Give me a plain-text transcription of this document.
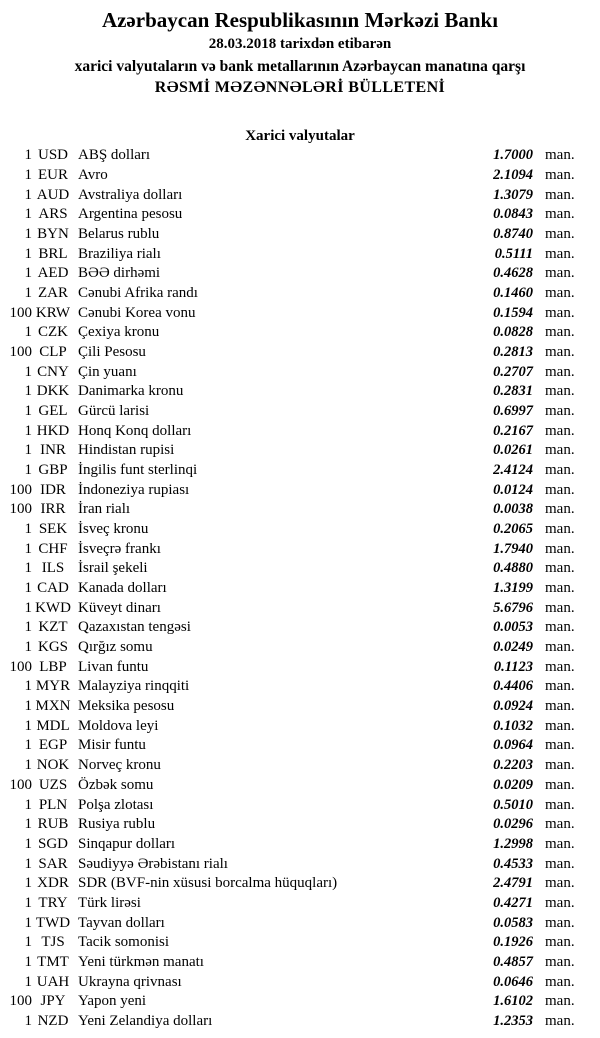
Azərbaycan Respublikasının Mərkəzi Bankı
28.03.2018 tarixdən etibarən
xarici valyutaların və bank metallarının Azərbaycan manatına qarşı
RƏSMİ MƏZƏNNƏLƏRİ BÜLLETENİ
Xarici valyutalar
1 USD ABŞ dolları	1.7000 man.
1 EUR Avro	2.1094 man.
1 AUD Avstraliya dolları	1.3079 man.
1 ARS Argentina pesosu	0.0843 man.
1 BYN Belarus rublu	0.8740 man.
1 BRL Braziliya rialı	0.5111 man.
1 AED BƏƏ dirhəmi	0.4628 man.
1 ZAR Cənubi Afrika randı	0.1460 man.
100 KRW Cənubi Korea vonu	0.1594 man.
1 CZK Çexiya kronu	0.0828 man.
100 CLP Çili Pesosu	0.2813 man.
1 CNY Çin yuanı	0.2707 man.
1 DKK Danimarka kronu	0.2831 man.
1 GEL Gürcü larisi	0.6997 man.
1 HKD Honq Konq dolları	0.2167 man.
1 INR Hindistan rupisi	0.0261 man.
1 GBP İngilis funt sterlinqi	2.4124 man.
100 IDR İndoneziya rupiası	0.0124 man.
100 IRR İran rialı	0.0038 man.
1 SEK İsveç kronu	0.2065 man.
1 CHF İsveçrə frankı	1.7940 man.
1 ILS İsrail şekeli	0.4880 man.
1 CAD Kanada dolları	1.3199 man.
1 KWD Küveyt dinarı	5.6796 man.
1 KZT Qazaxıstan tengəsi	0.0053 man.
1 KGS Qırğız somu	0.0249 man.
100 LBP Livan funtu	0.1123 man.
1 MYR Malayziya rinqqiti	0.4406 man.
1 MXN Meksika pesosu	0.0924 man.
1 MDL Moldova leyi	0.1032 man.
1 EGP Misir funtu	0.0964 man.
1 NOK Norveç kronu	0.2203 man.
100 UZS Özbək somu	0.0209 man.
1 PLN Polşa zlotası	0.5010 man.
1 RUB Rusiya rublu	0.0296 man.
1 SGD Sinqapur dolları	1.2998 man.
1 SAR Səudiyyə Ərəbistanı rialı	0.4533 man.
1 XDR SDR (BVF-nin xüsusi borcalma hüquqları)	2.4791 man.
1 TRY Türk lirəsi	0.4271 man.
1 TWD Tayvan dolları	0.0583 man.
1 TJS Tacik somonisi	0.1926 man.
1 TMT Yeni türkmən manatı	0.4857 man.
1 UAH Ukrayna qrivnası	0.0646 man.
100 JPY Yapon yeni	1.6102 man.
1 NZD Yeni Zelandiya dolları	1.2353 man.
